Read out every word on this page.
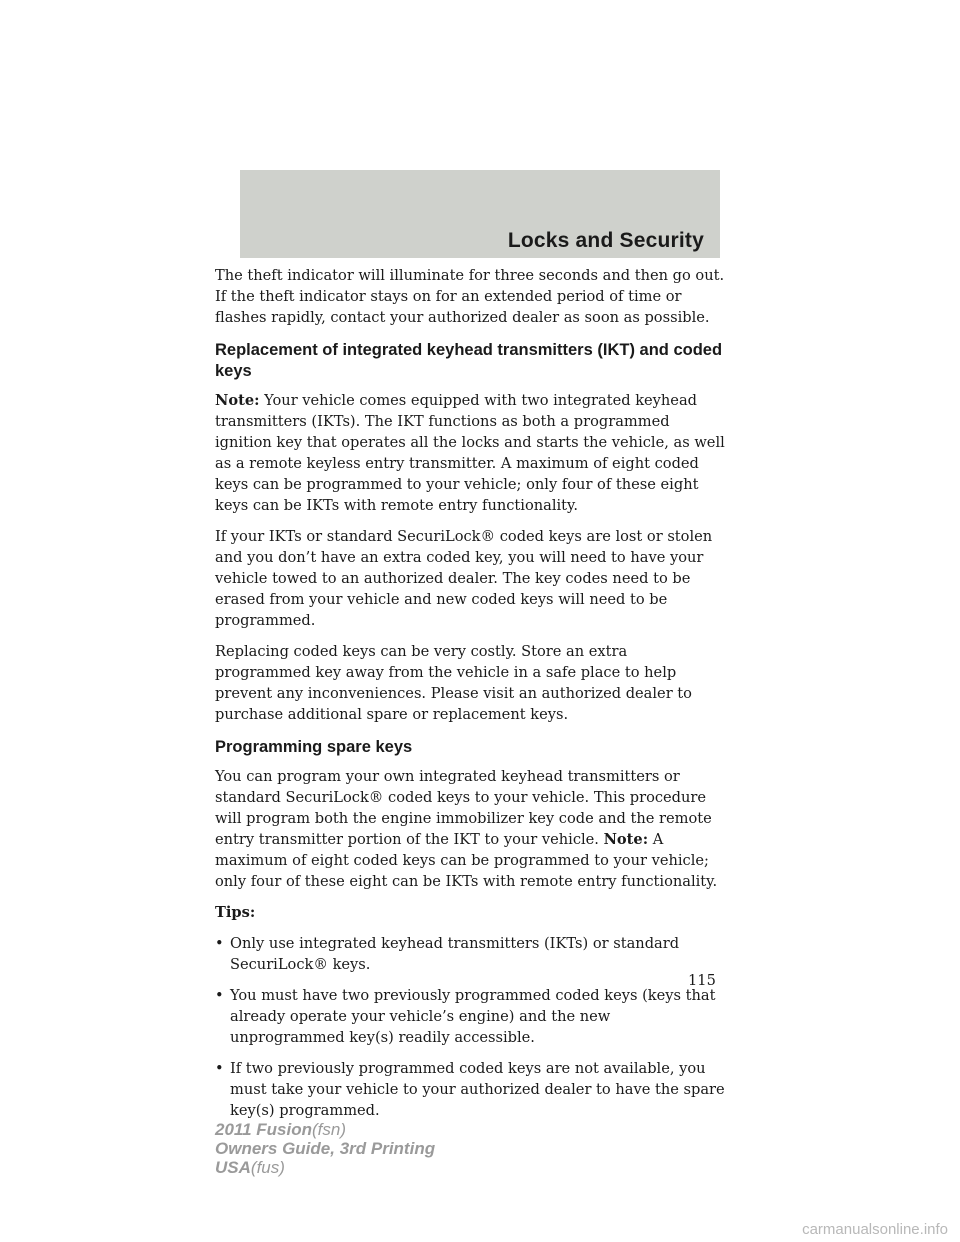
Locks and Security

The theft indicator will illuminate for three seconds and then go out. If the theft indicator stays on for an extended period of time or flashes rapidly, contact your authorized dealer as soon as possible.

Replacement of integrated keyhead transmitters (IKT) and coded keys

Note: Your vehicle comes equipped with two integrated keyhead transmitters (IKTs). The IKT functions as both a programmed ignition key that operates all the locks and starts the vehicle, as well as a remote keyless entry transmitter. A maximum of eight coded keys can be programmed to your vehicle; only four of these eight keys can be IKTs with remote entry functionality.

If your IKTs or standard SecuriLock® coded keys are lost or stolen and you don’t have an extra coded key, you will need to have your vehicle towed to an authorized dealer. The key codes need to be erased from your vehicle and new coded keys will need to be programmed.

Replacing coded keys can be very costly. Store an extra programmed key away from the vehicle in a safe place to help prevent any inconveniences. Please visit an authorized dealer to purchase additional spare or replacement keys.

Programming spare keys

You can program your own integrated keyhead transmitters or standard SecuriLock® coded keys to your vehicle. This procedure will program both the engine immobilizer key code and the remote entry transmitter portion of the IKT to your vehicle. Note: A maximum of eight coded keys can be programmed to your vehicle; only four of these eight can be IKTs with remote entry functionality.

Tips:

• Only use integrated keyhead transmitters (IKTs) or standard SecuriLock® keys.
• You must have two previously programmed coded keys (keys that already operate your vehicle’s engine) and the new unprogrammed key(s) readily accessible.
• If two previously programmed coded keys are not available, you must take your vehicle to your authorized dealer to have the spare key(s) programmed.
115
2011 Fusion(fsn)
Owners Guide, 3rd Printing
USA(fus)
carmanualsonline.info
